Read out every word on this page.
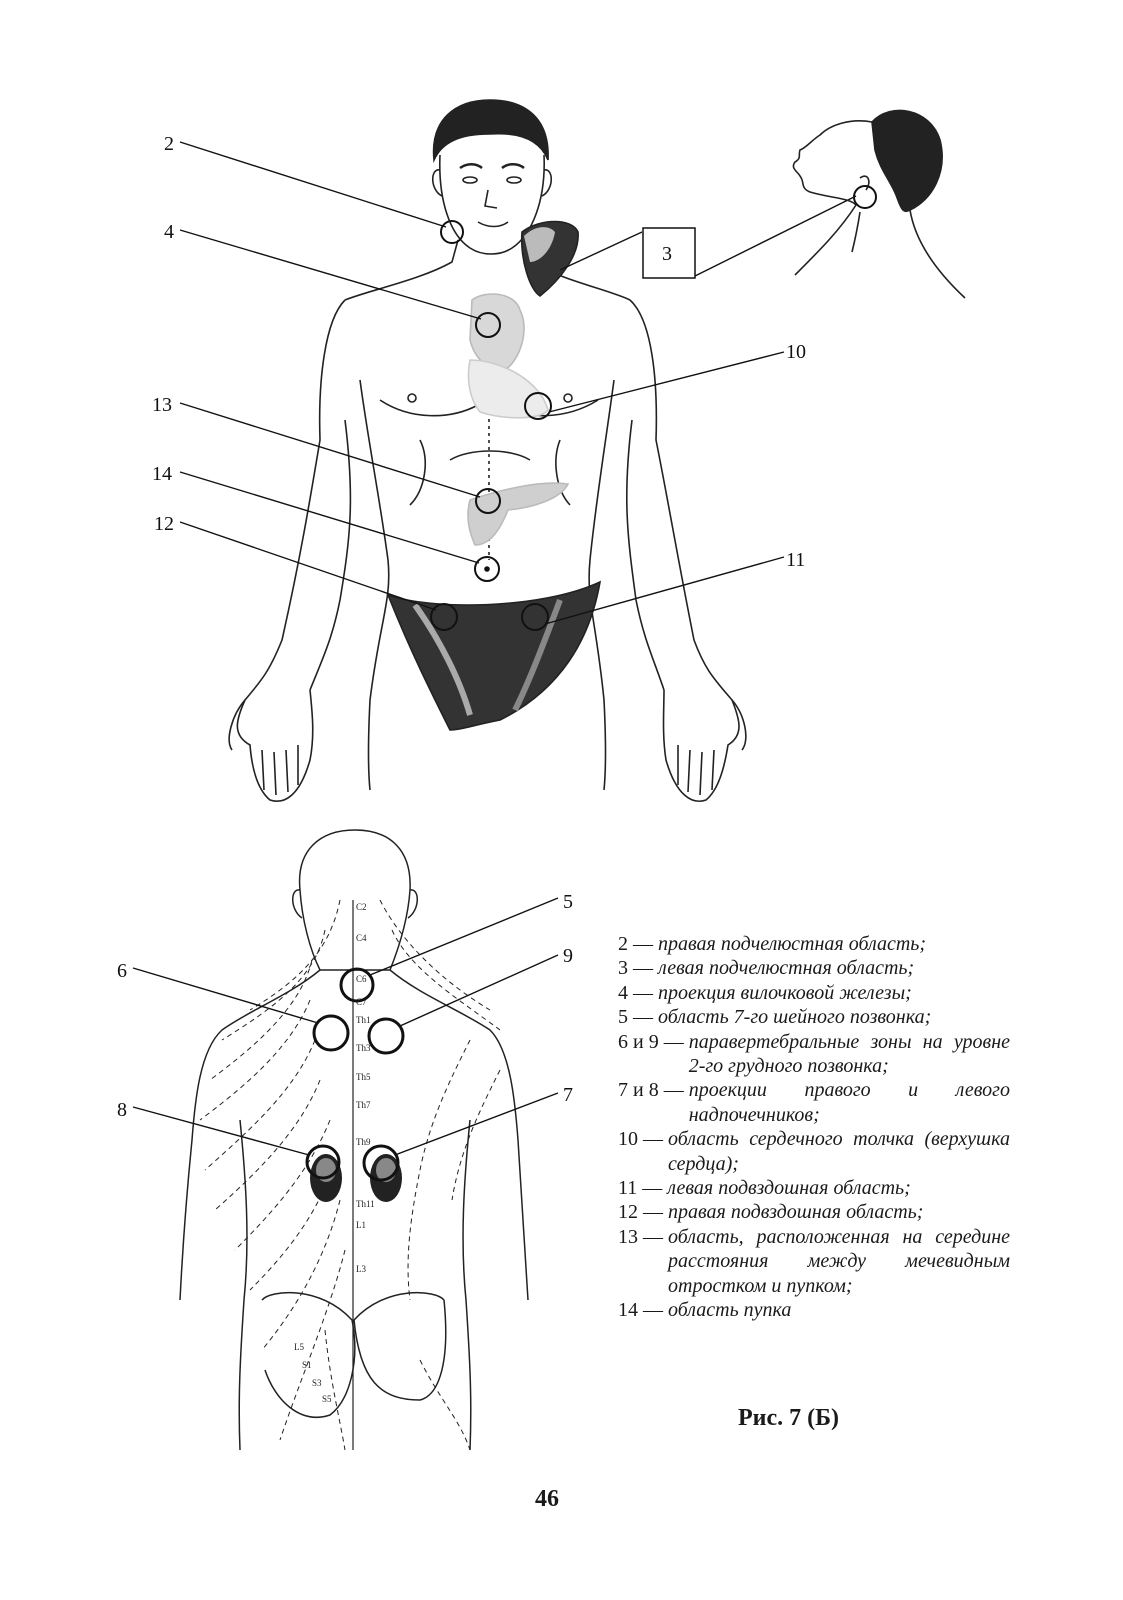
2
4
13
14
12
10
11
3
C2
C4
C6
C7
Th1
Th3
Th5
Th7
Th9
Th11
L1
L3
L5
S1
S3
S5
6
8
5
9
7
2 — правая подчелюстная область;
3 — левая подчелюстная область;
4 — проекция вилочковой железы;
5 — область 7-го шейного позвонка;
6 и 9 — паравертебральные зоны на уровне 2-го грудного позвонка;
7 и 8 — проекции правого и левого надпочечников;
10 — область сердечного толчка (верхушка сердца);
11 — левая подвздошная область;
12 — правая подвздошная область;
13 — область, расположенная на середине расстояния между мечевидным отростком и пупком;
14 — область пупка
Рис. 7 (Б)
46
